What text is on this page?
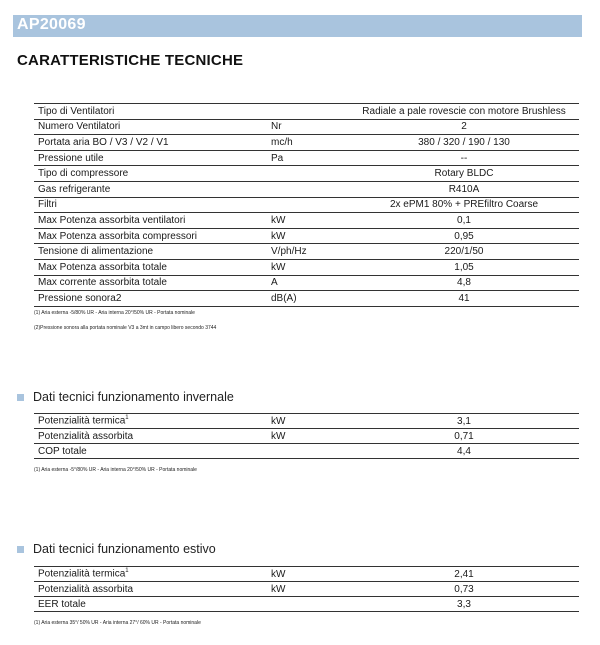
AP20069
CARATTERISTICHE TECNICHE
Tipo di Ventilatori		Radiale a pale rovescie con motore Brushless
Numero Ventilatori	Nr	2
Portata aria BO / V3 / V2 / V1	mc/h	380 / 320 / 190 / 130
Pressione utile	Pa	--
Tipo di compressore		Rotary BLDC
Gas refrigerante		R410A
Filtri		2x ePM1 80% + PREfiltro Coarse
Max Potenza assorbita ventilatori	kW	0,1
Max Potenza assorbita compressori	kW	0,95
Tensione di alimentazione	V/ph/Hz	220/1/50
Max Potenza assorbita totale	kW	1,05
Max corrente assorbita totale	A	4,8
Pressione sonora2	dB(A)	41
(1) Aria esterna -5/80% UR - Aria interna 20°/50% UR - Portata nominale
(2)Pressione sonora alla portata nominale V3 a 3mt in campo libero secondo 3744
Dati tecnici funzionamento invernale
Potenzialità termica$^1$	kW	3,1
Potenzialità assorbita	kW	0,71
COP totale		4,4
(1) Aria esterna -5°/80% UR - Aria interna 20°/50% UR - Portata nominale
Dati tecnici funzionamento estivo
Potenzialità termica$^1$	kW	2,41
Potenzialità assorbita	kW	0,73
EER totale		3,3
(1) Aria esterna 35°/ 50% UR - Aria interna 27°/ 60% UR - Portata nominale
